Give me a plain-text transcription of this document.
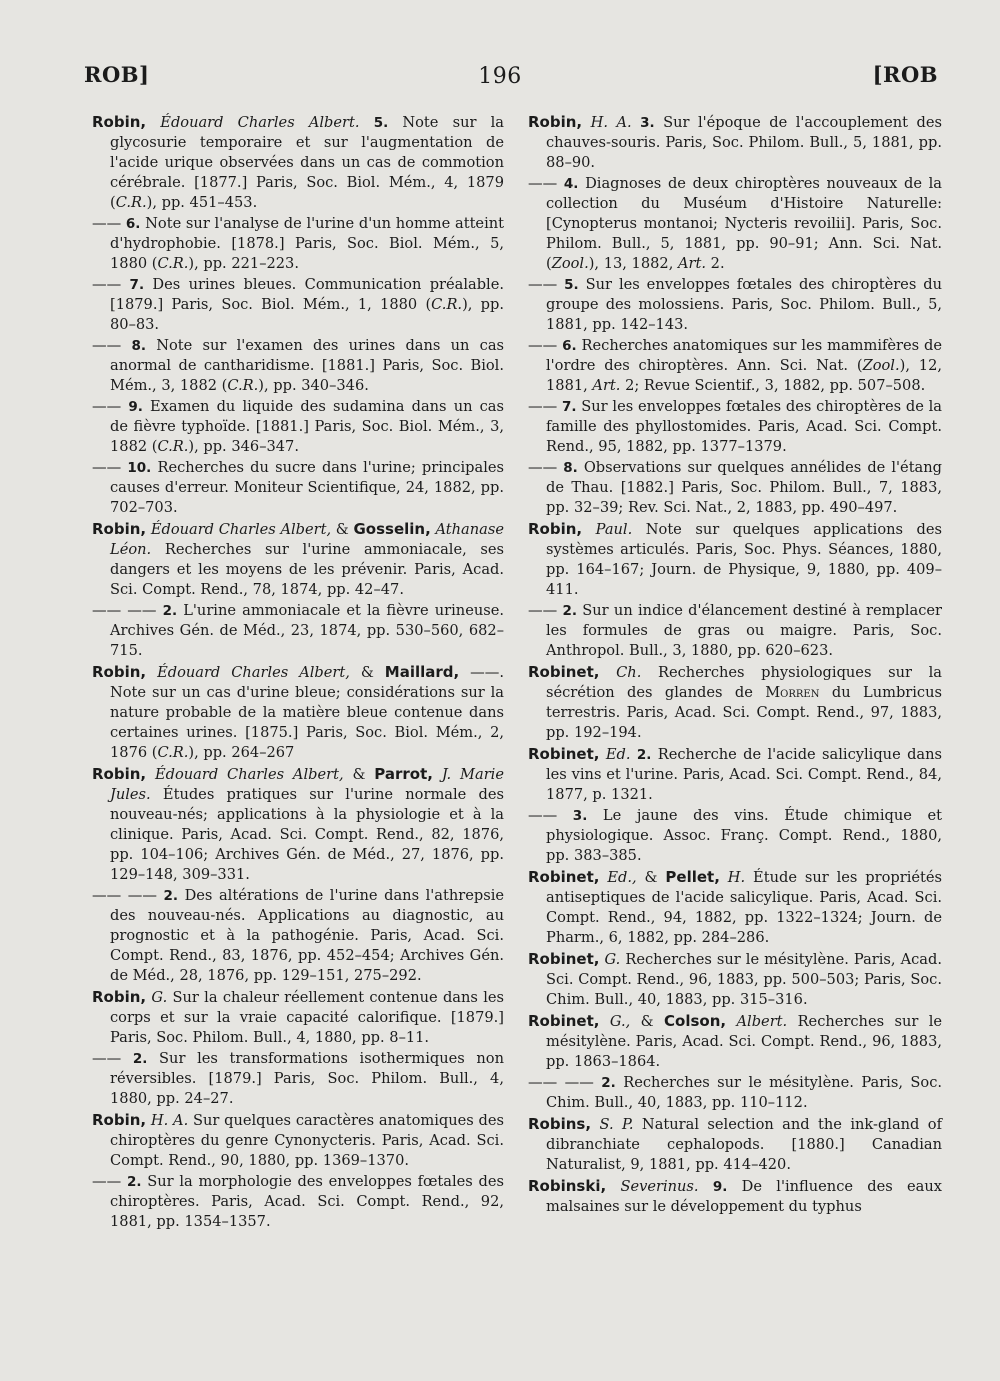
ROB]	196	[ROB
Robin, Édouard Charles Albert. 5. Note sur la glycosurie temporaire et sur l'augmentation de l'acide urique observées dans un cas de commotion cérébrale. [1877.] Paris, Soc. Biol. Mém., 4, 1879 (C.R.), pp. 451–453.
—— 6. Note sur l'analyse de l'urine d'un homme atteint d'hydrophobie. [1878.] Paris, Soc. Biol. Mém., 5, 1880 (C.R.), pp. 221–223.
—— 7. Des urines bleues. Communication préalable. [1879.] Paris, Soc. Biol. Mém., 1, 1880 (C.R.), pp. 80–83.
—— 8. Note sur l'examen des urines dans un cas anormal de cantharidisme. [1881.] Paris, Soc. Biol. Mém., 3, 1882 (C.R.), pp. 340–346.
—— 9. Examen du liquide des sudamina dans un cas de fièvre typhoïde. [1881.] Paris, Soc. Biol. Mém., 3, 1882 (C.R.), pp. 346–347.
—— 10. Recherches du sucre dans l'urine; principales causes d'erreur. Moniteur Scientifique, 24, 1882, pp. 702–703.
Robin, Édouard Charles Albert, & Gosselin, Athanase Léon. Recherches sur l'urine ammoniacale, ses dangers et les moyens de les prévenir. Paris, Acad. Sci. Compt. Rend., 78, 1874, pp. 42–47.
—— —— 2. L'urine ammoniacale et la fièvre urineuse. Archives Gén. de Méd., 23, 1874, pp. 530–560, 682–715.
Robin, Édouard Charles Albert, & Maillard, ——. Note sur un cas d'urine bleue; considérations sur la nature probable de la matière bleue contenue dans certaines urines. [1875.] Paris, Soc. Biol. Mém., 2, 1876 (C.R.), pp. 264–267
Robin, Édouard Charles Albert, & Parrot, J. Marie Jules. Études pratiques sur l'urine normale des nouveau-nés; applications à la physiologie et à la clinique. Paris, Acad. Sci. Compt. Rend., 82, 1876, pp. 104–106; Archives Gén. de Méd., 27, 1876, pp. 129–148, 309–331.
—— —— 2. Des altérations de l'urine dans l'athrepsie des nouveau-nés. Applications au diagnostic, au prognostic et à la pathogénie. Paris, Acad. Sci. Compt. Rend., 83, 1876, pp. 452–454; Archives Gén. de Méd., 28, 1876, pp. 129–151, 275–292.
Robin, G. Sur la chaleur réellement contenue dans les corps et sur la vraie capacité calorifique. [1879.] Paris, Soc. Philom. Bull., 4, 1880, pp. 8–11.
—— 2. Sur les transformations isothermiques non réversibles. [1879.] Paris, Soc. Philom. Bull., 4, 1880, pp. 24–27.
Robin, H. A. Sur quelques caractères anatomiques des chiroptères du genre Cynonycteris. Paris, Acad. Sci. Compt. Rend., 90, 1880, pp. 1369–1370.
—— 2. Sur la morphologie des enveloppes fœtales des chiroptères. Paris, Acad. Sci. Compt. Rend., 92, 1881, pp. 1354–1357.
Robin, H. A. 3. Sur l'époque de l'accouplement des chauves-souris. Paris, Soc. Philom. Bull., 5, 1881, pp. 88–90.
—— 4. Diagnoses de deux chiroptères nouveaux de la collection du Muséum d'Histoire Naturelle: [Cynopterus montanoi; Nycteris revoilii]. Paris, Soc. Philom. Bull., 5, 1881, pp. 90–91; Ann. Sci. Nat. (Zool.), 13, 1882, Art. 2.
—— 5. Sur les enveloppes fœtales des chiroptères du groupe des molossiens. Paris, Soc. Philom. Bull., 5, 1881, pp. 142–143.
—— 6. Recherches anatomiques sur les mammifères de l'ordre des chiroptères. Ann. Sci. Nat. (Zool.), 12, 1881, Art. 2; Revue Scientif., 3, 1882, pp. 507–508.
—— 7. Sur les enveloppes fœtales des chiroptères de la famille des phyllostomides. Paris, Acad. Sci. Compt. Rend., 95, 1882, pp. 1377–1379.
—— 8. Observations sur quelques annélides de l'étang de Thau. [1882.] Paris, Soc. Philom. Bull., 7, 1883, pp. 32–39; Rev. Sci. Nat., 2, 1883, pp. 490–497.
Robin, Paul. Note sur quelques applications des systèmes articulés. Paris, Soc. Phys. Séances, 1880, pp. 164–167; Journ. de Physique, 9, 1880, pp. 409–411.
—— 2. Sur un indice d'élancement destiné à remplacer les formules de gras ou maigre. Paris, Soc. Anthropol. Bull., 3, 1880, pp. 620–623.
Robinet, Ch. Recherches physiologiques sur la sécrétion des glandes de Morren du Lumbricus terrestris. Paris, Acad. Sci. Compt. Rend., 97, 1883, pp. 192–194.
Robinet, Ed. 2. Recherche de l'acide salicylique dans les vins et l'urine. Paris, Acad. Sci. Compt. Rend., 84, 1877, p. 1321.
—— 3. Le jaune des vins. Étude chimique et physiologique. Assoc. Franç. Compt. Rend., 1880, pp. 383–385.
Robinet, Ed., & Pellet, H. Étude sur les propriétés antiseptiques de l'acide salicylique. Paris, Acad. Sci. Compt. Rend., 94, 1882, pp. 1322–1324; Journ. de Pharm., 6, 1882, pp. 284–286.
Robinet, G. Recherches sur le mésitylène. Paris, Acad. Sci. Compt. Rend., 96, 1883, pp. 500–503; Paris, Soc. Chim. Bull., 40, 1883, pp. 315–316.
Robinet, G., & Colson, Albert. Recherches sur le mésitylène. Paris, Acad. Sci. Compt. Rend., 96, 1883, pp. 1863–1864.
—— —— 2. Recherches sur le mésitylène. Paris, Soc. Chim. Bull., 40, 1883, pp. 110–112.
Robins, S. P. Natural selection and the ink-gland of dibranchiate cephalopods. [1880.] Canadian Naturalist, 9, 1881, pp. 414–420.
Robinski, Severinus. 9. De l'influence des eaux malsaines sur le développement du typhus
